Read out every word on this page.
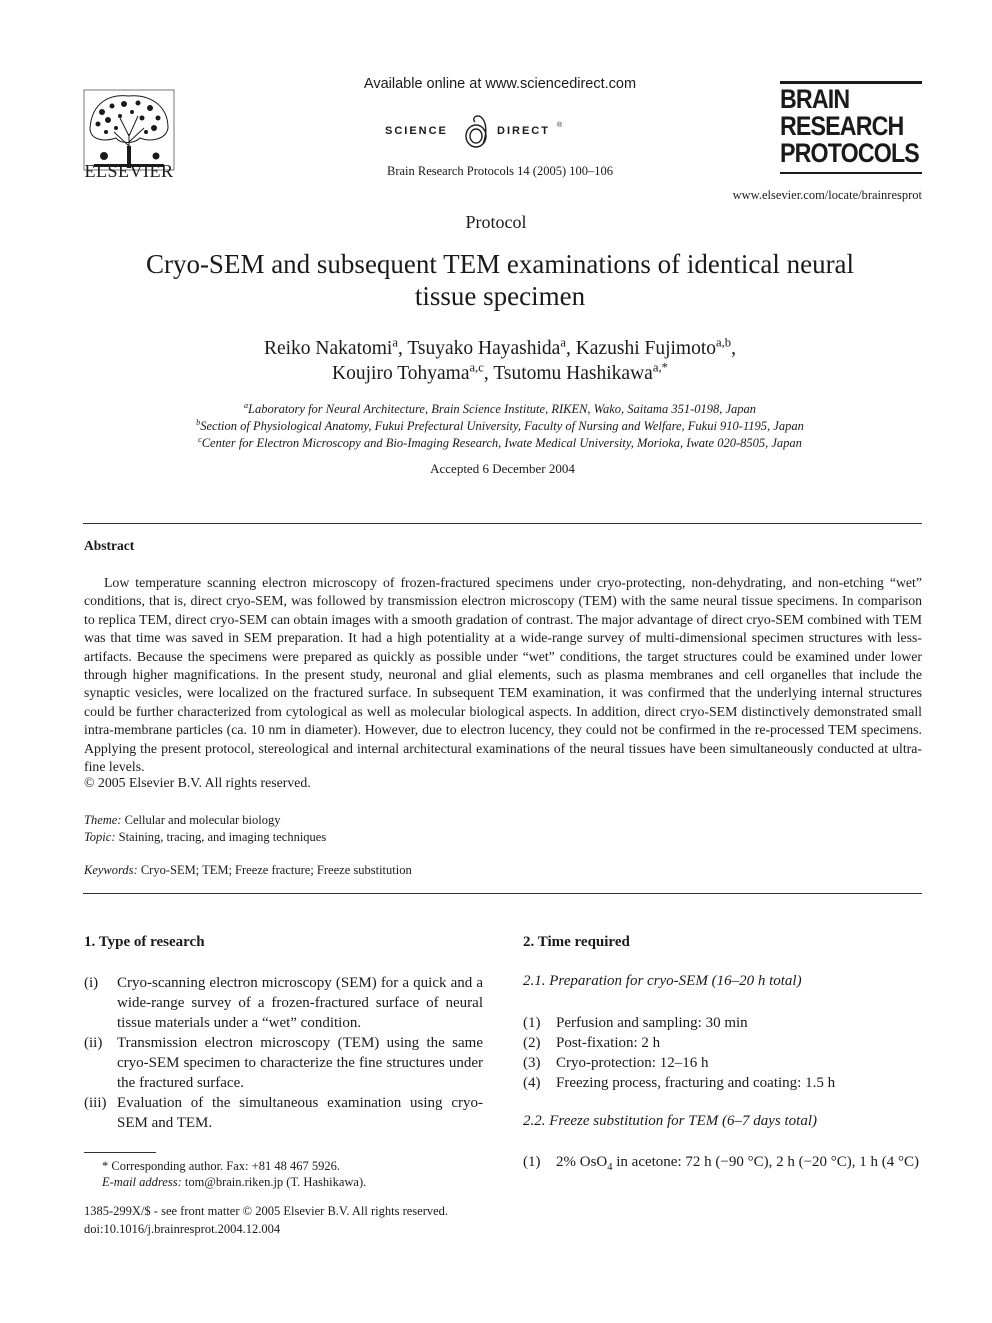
ELSEVIER
Available online at www.sciencedirect.com
SCIENCE	DIRECT ®
Brain Research Protocols 14 (2005) 100–106
BRAIN
RESEARCH
PROTOCOLS
www.elsevier.com/locate/brainresprot
Protocol
Cryo-SEM and subsequent TEM examinations of identical neural
tissue specimen
Reiko Nakatomi$^a$, Tsuyako Hayashida$^a$, Kazushi Fujimoto$^{a,b}$,
Koujiro Tohyama$^{a,c}$, Tsutomu Hashikawa$^{a,*}$
$^a$Laboratory for Neural Architecture, Brain Science Institute, RIKEN, Wako, Saitama 351-0198, Japan
$^b$Section of Physiological Anatomy, Fukui Prefectural University, Faculty of Nursing and Welfare, Fukui 910-1195, Japan
$^c$Center for Electron Microscopy and Bio-Imaging Research, Iwate Medical University, Morioka, Iwate 020-8505, Japan
Accepted 6 December 2004
Abstract
Low temperature scanning electron microscopy of frozen-fractured specimens under cryo-protecting, non-dehydrating, and non-etching “wet” conditions, that is, direct cryo-SEM, was followed by transmission electron microscopy (TEM) with the same neural tissue specimens. In comparison to replica TEM, direct cryo-SEM can obtain images with a smooth gradation of contrast. The major advantage of direct cryo-SEM combined with TEM was that time was saved in SEM preparation. It had a high potentiality at a wide-range survey of multi-dimensional specimen structures with less-artifacts. Because the specimens were prepared as quickly as possible under “wet” conditions, the target structures could be examined under lower through higher magnifications. In the present study, neuronal and glial elements, such as plasma membranes and cell organelles that include the synaptic vesicles, were localized on the fractured surface. In subsequent TEM examination, it was confirmed that the underlying internal structures could be further characterized from cytological as well as molecular biological aspects. In addition, direct cryo-SEM distinctively demonstrated small intra-membrane particles (ca. 10 nm in diameter). However, due to electron lucency, they could not be confirmed in the re-processed TEM specimens. Applying the present protocol, stereological and internal architectural examinations of the neural tissues have been simultaneously conducted at ultra-fine levels.
© 2005 Elsevier B.V. All rights reserved.
Theme: Cellular and molecular biology
Topic: Staining, tracing, and imaging techniques
Keywords: Cryo-SEM; TEM; Freeze fracture; Freeze substitution
1. Type of research
(i) Cryo-scanning electron microscopy (SEM) for a quick and a wide-range survey of a frozen-fractured surface of neural tissue materials under a “wet” condition.
(ii) Transmission electron microscopy (TEM) using the same cryo-SEM specimen to characterize the fine structures under the fractured surface.
(iii) Evaluation of the simultaneous examination using cryo-SEM and TEM.
* Corresponding author. Fax: +81 48 467 5926.
E-mail address: tom@brain.riken.jp (T. Hashikawa).
1385-299X/$ - see front matter © 2005 Elsevier B.V. All rights reserved.
doi:10.1016/j.brainresprot.2004.12.004
2. Time required
2.1. Preparation for cryo-SEM (16–20 h total)
(1) Perfusion and sampling: 30 min
(2) Post-fixation: 2 h
(3) Cryo-protection: 12–16 h
(4) Freezing process, fracturing and coating: 1.5 h
2.2. Freeze substitution for TEM (6–7 days total)
(1) 2% OsO$_4$ in acetone: 72 h (−90 °C), 2 h (−20 °C), 1 h (4 °C)
